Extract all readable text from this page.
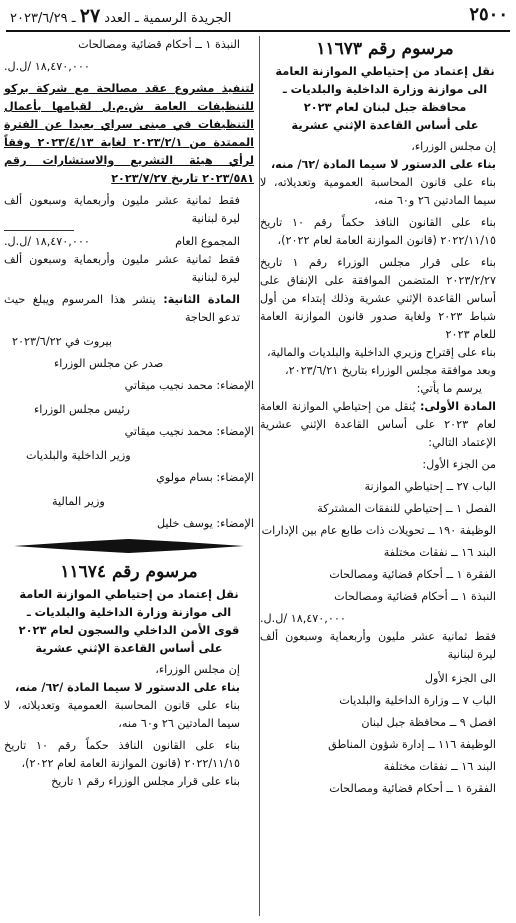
٢٥٠٠
الجريدة الرسمية ـ العدد ٢٧ ـ ٢٠٢٣/٦/٢٩
مرسوم رقم ١١٦٧٣
نقل إعتماد من إحتياطي الموازنة العامة
الى موازنة وزارة الداخلية والبلديات ـ
محافظة جبل لبنان لعام ٢٠٢٣
على أساس القاعدة الإثني عشرية
إن مجلس الوزراء،
بناء على الدستور لا سيما المادة /٦٢/ منه،
بناء على قانون المحاسبة العمومية وتعديلاته، لا سيما المادتين ٢٦ و٦٠ منه،
بناء على القانون النافذ حكماً رقم ١٠ تاريخ ٢٠٢٢/١١/١٥ (قانون الموازنة العامة لعام ٢٠٢٢)،
بناء على قرار مجلس الوزراء رقم ١ تاريخ ٢٠٢٣/٢/٢٧ المتضمن الموافقة على الإنفاق على أساس القاعدة الإثني عشرية وذلك إبتداء من أول شباط ٢٠٢٣ ولغاية صدور قانون الموازنة العامة للعام ٢٠٢٣
بناء على إقتراح وزيري الداخلية والبلديات والمالية،
وبعد موافقة مجلس الوزراء بتاريخ ٢٠٢٣/٦/٢١،
يرسم ما يأتي:
المادة الأولى: يُنقل من إحتياطي الموازنة العامة لعام ٢٠٢٣ على أساس القاعدة الإثني عشرية الإعتماد التالي:
من الجزء الأول:
الباب ٢٧ ــ إحتياطي الموازنة
الفصل ١ ــ إحتياطي للنفقات المشتركة
الوظيفة ١٩٠ ــ تحويلات ذات طابع عام بين الإدارات
البند ١٦ ــ نفقات مختلفة
الفقرة ١ ــ أحكام قضائية ومصالحات
النبذة ١ ــ أحكام قضائية ومصالحات
١٨,٤٧٠,٠٠٠ /ل.ل.
فقط ثمانية عشر مليون وأربعماية وسبعون ألف ليرة لبنانية
الى الجزء الأول
الباب ٧ ــ وزارة الداخلية والبلديات
افصل ٩ ــ محافظة جبل لبنان
الوظيفة ١١٦ ــ إدارة شؤون المناطق
البند ١٦ ــ نفقات مختلفة
الفقرة ١ ــ أحكام قضائية ومصالحات
النبذة ١ ــ أحكام قضائية ومصالحات
١٨,٤٧٠,٠٠٠ /ل.ل.
لتنفيذ مشروع عقد مصالحة مع شركة بركو للتنظيفات العامة ش.م.ل لقيامها بأعمال التنظيفات في مبنى سراي بعبدا عن الفترة الممتدة من ٢٠٢٣/٢/١ لغاية ٢٠٢٣/٤/١٣ وفقاً لرأي هيئة التشريع والاستشارات رقم ٢٠٢٣/٥٨١ تاريخ ٢٠٢٣/٧/٢٧
فقط ثمانية عشر مليون وأربعماية وسبعون ألف ليرة لبنانية
المجموع العام
١٨,٤٧٠,٠٠٠ /ل.ل.
فقط ثمانية عشر مليون وأربعماية وسبعون ألف ليرة لبنانية
المادة الثانية: ينشر هذا المرسوم ويبلغ حيث تدعو الحاجة
بيروت في ٢٠٢٣/٦/٢٢
صدر عن مجلس الوزراء
الإمضاء: محمد نجيب ميقاتي
رئيس مجلس الوزراء
الإمضاء: محمد نجيب ميقاتي
وزير الداخلية والبلديات
الإمضاء: بسام مولوي
وزير المالية
الإمضاء: يوسف خليل
مرسوم رقم ١١٦٧٤
نقل إعتماد من إحتياطي الموازنة العامة
الى موازنة وزارة الداخلية والبلديات ـ
قوى الأمن الداخلي والسجون لعام ٢٠٢٣
على أساس القاعدة الإثني عشرية
إن مجلس الوزراء،
بناء على الدستور لا سيما المادة /٦٢/ منه،
بناء على قانون المحاسبة العمومية وتعديلاته، لا سيما المادتين ٢٦ و٦٠ منه،
بناء على القانون النافذ حكماً رقم ١٠ تاريخ ٢٠٢٢/١١/١٥ (قانون الموازنة العامة لعام ٢٠٢٢)،
بناء على قرار مجلس الوزراء رقم ١ تاريخ
